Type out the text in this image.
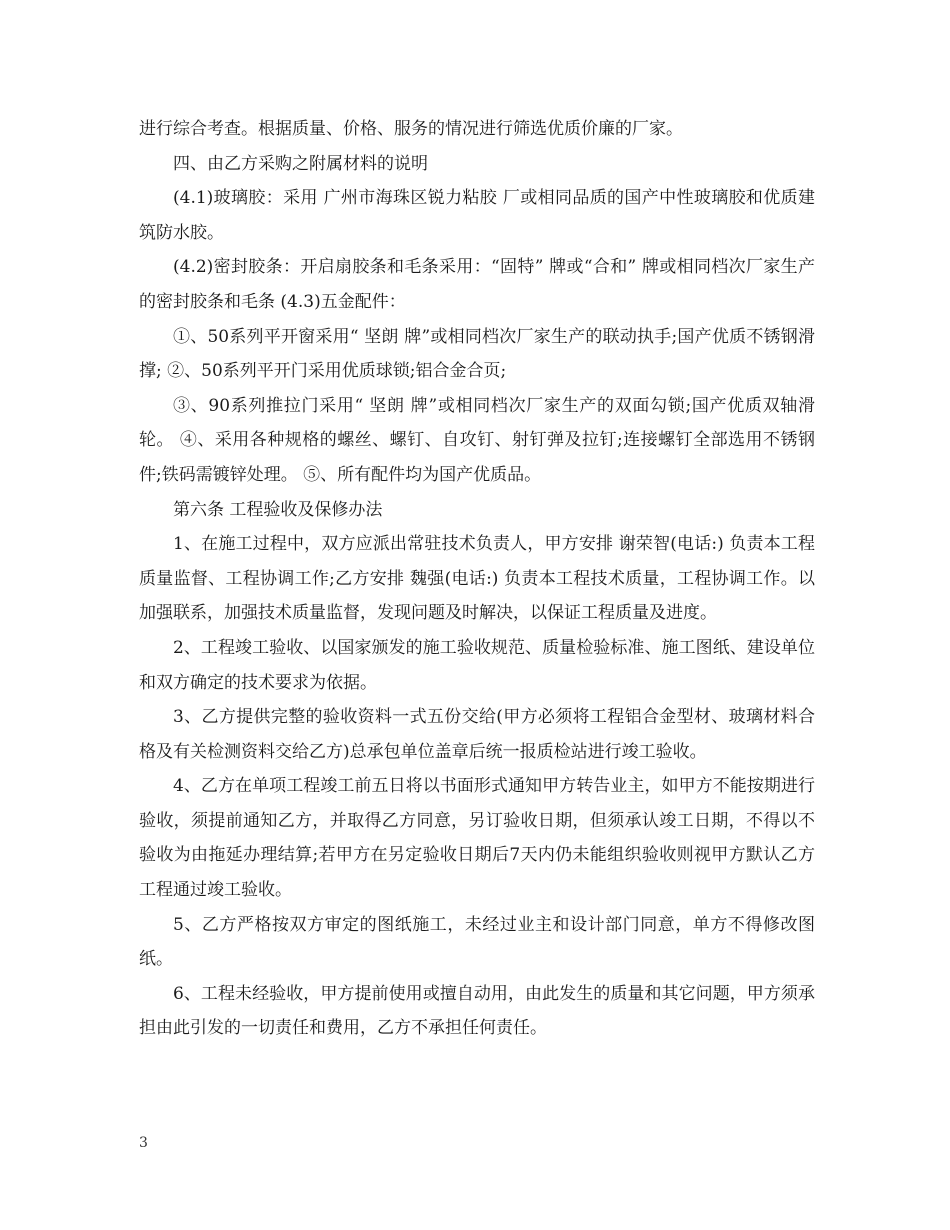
进行综合考查。根据质量、价格、服务的情况进行筛选优质价廉的厂家。

四、由乙方采购之附属材料的说明

(4.1)玻璃胶：采用 广州市海珠区锐力粘胶 厂或相同品质的国产中性玻璃胶和优质建筑防水胶。

(4.2)密封胶条：开启扇胶条和毛条采用：“固特” 牌或“合和” 牌或相同档次厂家生产的密封胶条和毛条 (4.3)五金配件：

①、50系列平开窗采用“ 坚朗 牌”或相同档次厂家生产的联动执手;国产优质不锈钢滑撑; ②、50系列平开门采用优质球锁;铝合金合页;

③、90系列推拉门采用“ 坚朗 牌”或相同档次厂家生产的双面勾锁;国产优质双轴滑轮。 ④、采用各种规格的螺丝、螺钉、自攻钉、射钉弹及拉钉;连接螺钉全部选用不锈钢件;铁码需镀锌处理。 ⑤、所有配件均为国产优质品。

第六条 工程验收及保修办法

1、在施工过程中，双方应派出常驻技术负责人，甲方安排 谢荣智(电话:) 负责本工程质量监督、工程协调工作;乙方安排 魏强(电话:) 负责本工程技术质量，工程协调工作。以加强联系，加强技术质量监督，发现问题及时解决，以保证工程质量及进度。

2、工程竣工验收、以国家颁发的施工验收规范、质量检验标准、施工图纸、建设单位和双方确定的技术要求为依据。

3、乙方提供完整的验收资料一式五份交给(甲方必须将工程铝合金型材、玻璃材料合格及有关检测资料交给乙方)总承包单位盖章后统一报质检站进行竣工验收。

4、乙方在单项工程竣工前五日将以书面形式通知甲方转告业主，如甲方不能按期进行验收，须提前通知乙方，并取得乙方同意，另订验收日期，但须承认竣工日期，不得以不验收为由拖延办理结算;若甲方在另定验收日期后7天内仍未能组织验收则视甲方默认乙方工程通过竣工验收。

5、乙方严格按双方审定的图纸施工，未经过业主和设计部门同意，单方不得修改图纸。

6、工程未经验收，甲方提前使用或擅自动用，由此发生的质量和其它问题，甲方须承担由此引发的一切责任和费用，乙方不承担任何责任。

3
